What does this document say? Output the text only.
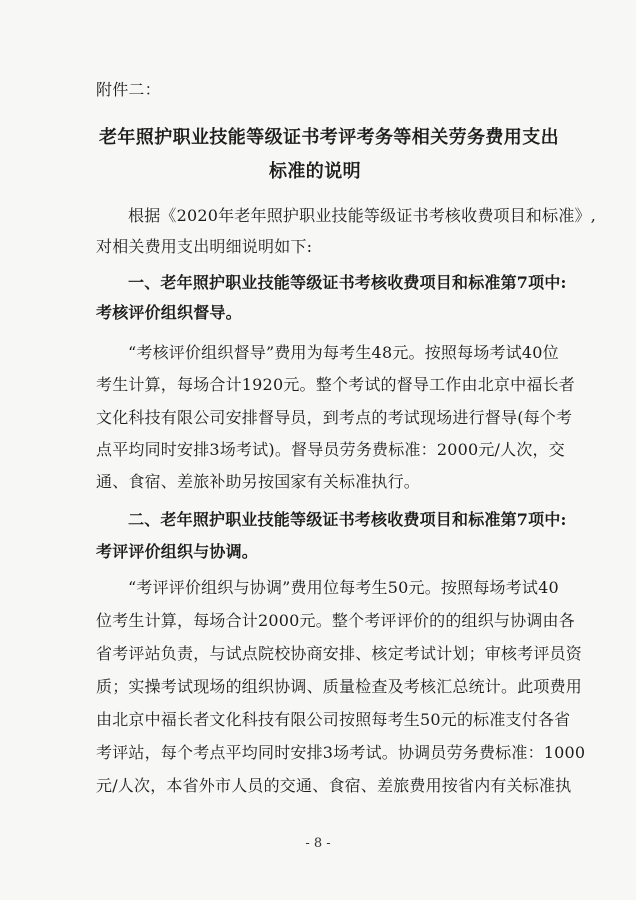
附件二：
老年照护职业技能等级证书考评考务等相关劳务费用支出
标准的说明
根据《2020年老年照护职业技能等级证书考核收费项目和标准》,
对相关费用支出明细说明如下:
一、老年照护职业技能等级证书考核收费项目和标准第7项中:
考核评价组织督导。
“考核评价组织督导”费用为每考生48元。按照每场考试40位
考生计算，每场合计1920元。整个考试的督导工作由北京中福长者
文化科技有限公司安排督导员，到考点的考试现场进行督导(每个考
点平均同时安排3场考试)。督导员劳务费标准：2000元/人次，交
通、食宿、差旅补助另按国家有关标准执行。
二、老年照护职业技能等级证书考核收费项目和标准第7项中:
考评评价组织与协调。
“考评评价组织与协调”费用位每考生50元。按照每场考试40
位考生计算，每场合计2000元。整个考评评价的的组织与协调由各
省考评站负责，与试点院校协商安排、核定考试计划；审核考评员资
质；实操考试现场的组织协调、质量检查及考核汇总统计。此项费用
由北京中福长者文化科技有限公司按照每考生50元的标准支付各省
考评站，每个考点平均同时安排3场考试。协调员劳务费标准：1000
元/人次，本省外市人员的交通、食宿、差旅费用按省内有关标准执
- 8 -
